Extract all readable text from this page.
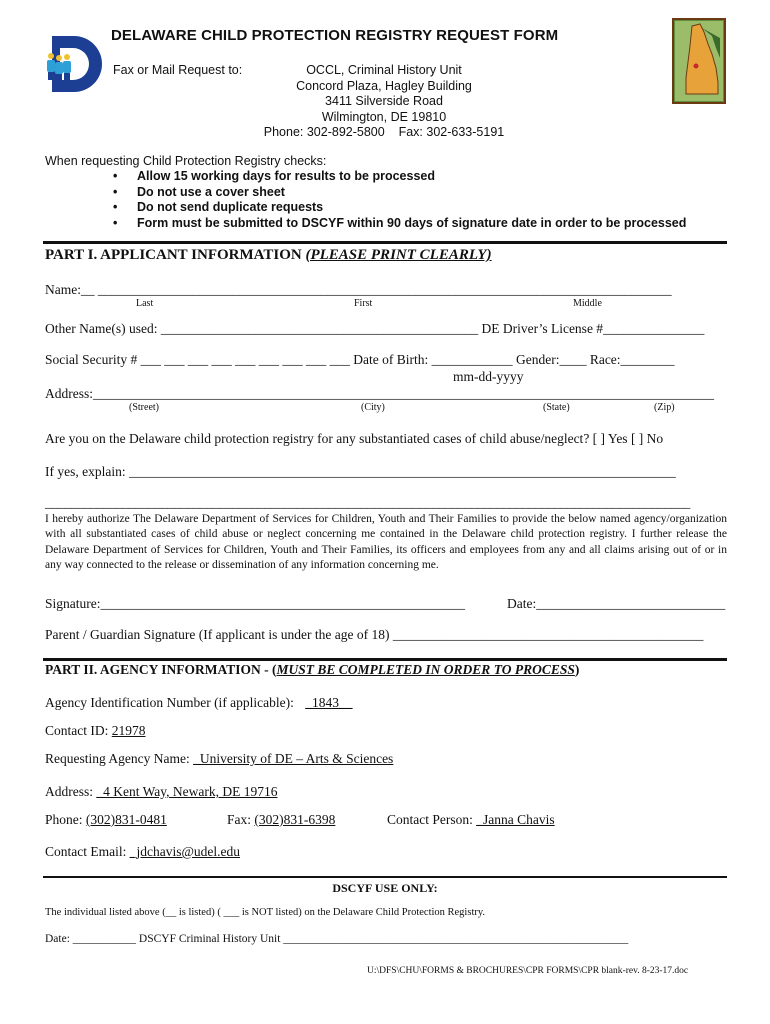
DELAWARE CHILD PROTECTION REGISTRY REQUEST FORM
Fax or Mail Request to:	OCCL, Criminal History Unit
Concord Plaza, Hagley Building
3411 Silverside Road
Wilmington, DE 19810
Phone: 302-892-5800    Fax: 302-633-5191
When requesting Child Protection Registry checks:
• Allow 15 working days for results to be processed
• Do not use a cover sheet
• Do not send duplicate requests
• Form must be submitted to DSCYF within 90 days of signature date in order to be processed
PART I. APPLICANT INFORMATION (PLEASE PRINT CLEARLY)
Name:__ _____________________________________________________________________________________
Last	First	Middle
Other Name(s) used: _______________________________________________ DE Driver’s License #_______________
Social Security # ___ ___ ___ ___ ___ ___ ___ ___ ___ Date of Birth: ____________ Gender:____ Race:________
mm-dd-yyyy
Address:____________________________________________________________________________________________
(Street)	(City)	(State)	(Zip)
Are you on the Delaware child protection registry for any substantiated cases of child abuse/neglect? [ ] Yes [ ] No
If yes, explain: _________________________________________________________________________________
____________________________________________________________________________________________________
I hereby authorize The Delaware Department of Services for Children, Youth and Their Families to provide the below named agency/organization with all substantiated cases of child abuse or neglect concerning me contained in the Delaware child protection registry. I further release the Delaware Department of Services for Children, Youth and Their Families, its officers and employees from any and all claims arising out of or in any way connected to the release or dissemination of any information concerning me.
Signature:______________________________________________________	Date:____________________________
Parent / Guardian Signature (If applicant is under the age of 18) ______________________________________________
PART II. AGENCY INFORMATION - (MUST BE COMPLETED IN ORDER TO PROCESS)
Agency Identification Number (if applicable): _1843__
Contact ID: 21978
Requesting Agency Name: _University of DE – Arts & Sciences
Address: _4 Kent Way, Newark, DE 19716
Phone: (302)831-0481	Fax: (302)831-6398	Contact Person: _Janna Chavis
Contact Email: _jdchavis@udel.edu
DSCYF USE ONLY:
The individual listed above (__ is listed) ( ___ is NOT listed) on the Delaware Child Protection Registry.
Date: ___________ DSCYF Criminal History Unit ____________________________________________________________
U:\DFS\CHU\FORMS & BROCHURES\CPR FORMS\CPR blank-rev. 8-23-17.doc
